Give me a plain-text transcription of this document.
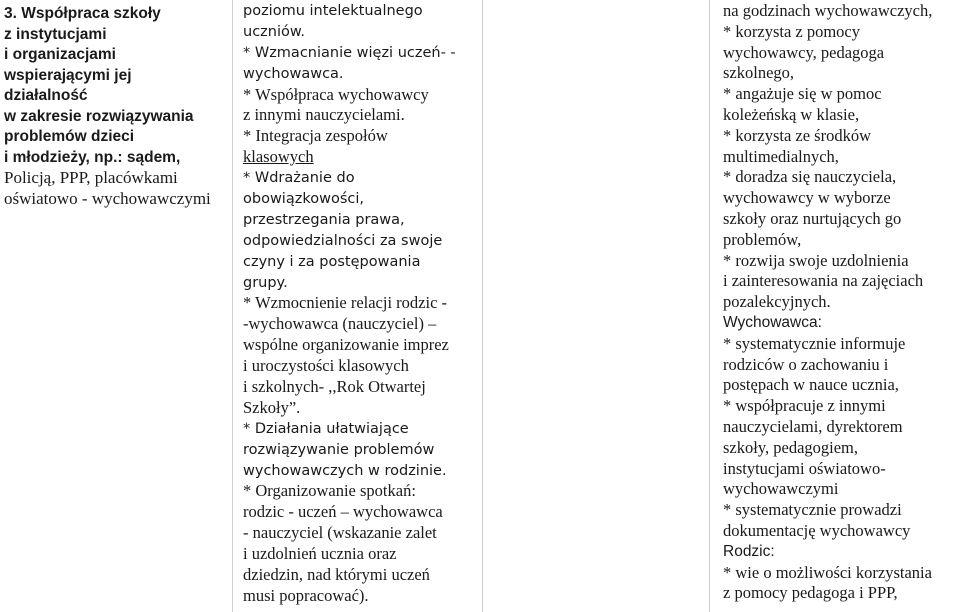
3. Współpraca szkoły
z instytucjami
i organizacjami
wspierającymi jej
działalność
w zakresie rozwiązywania
problemów dzieci
i młodzieży, np.: sądem,
Policją, PPP, placówkami
oświatowo - wychowawczymi
poziomu intelektualnego
uczniów.
* Wzmacnianie więzi uczeń- -
wychowawca.
* Współpraca wychowawcy
z innymi nauczycielami.
* Integracja zespołów
klasowych
* Wdrażanie do
obowiązkowości,
przestrzegania prawa,
odpowiedzialności za swoje
czyny i za postępowania
grupy.
* Wzmocnienie relacji rodzic -
-wychowawca (nauczyciel) –
wspólne organizowanie imprez
i uroczystości klasowych
i szkolnych- ,,Rok Otwartej
Szkoły”.
* Działania ułatwiające
rozwiązywanie problemów
wychowawczych w rodzinie.
* Organizowanie spotkań:
rodzic - uczeń – wychowawca
- nauczyciel (wskazanie zalet
i uzdolnień ucznia oraz
dziedzin, nad którymi uczeń
musi popracować).
na godzinach wychowawczych,
* korzysta z pomocy
wychowawcy, pedagoga
szkolnego,
* angażuje się w pomoc
koleżeńską w klasie,
* korzysta ze środków
multimedialnych,
* doradza się nauczyciela,
wychowawcy w wyborze
szkoły oraz nurtujących go
problemów,
* rozwija swoje uzdolnienia
i zainteresowania na zajęciach
pozalekcyjnych.
Wychowawca:
* systematycznie informuje
rodziców o zachowaniu i
postępach w nauce ucznia,
* współpracuje z innymi
nauczycielami, dyrektorem
szkoły, pedagogiem,
instytucjami oświatowo-
wychowawczymi
* systematycznie prowadzi
dokumentację wychowawcy
Rodzic:
* wie o możliwości korzystania
z pomocy pedagoga i PPP,
